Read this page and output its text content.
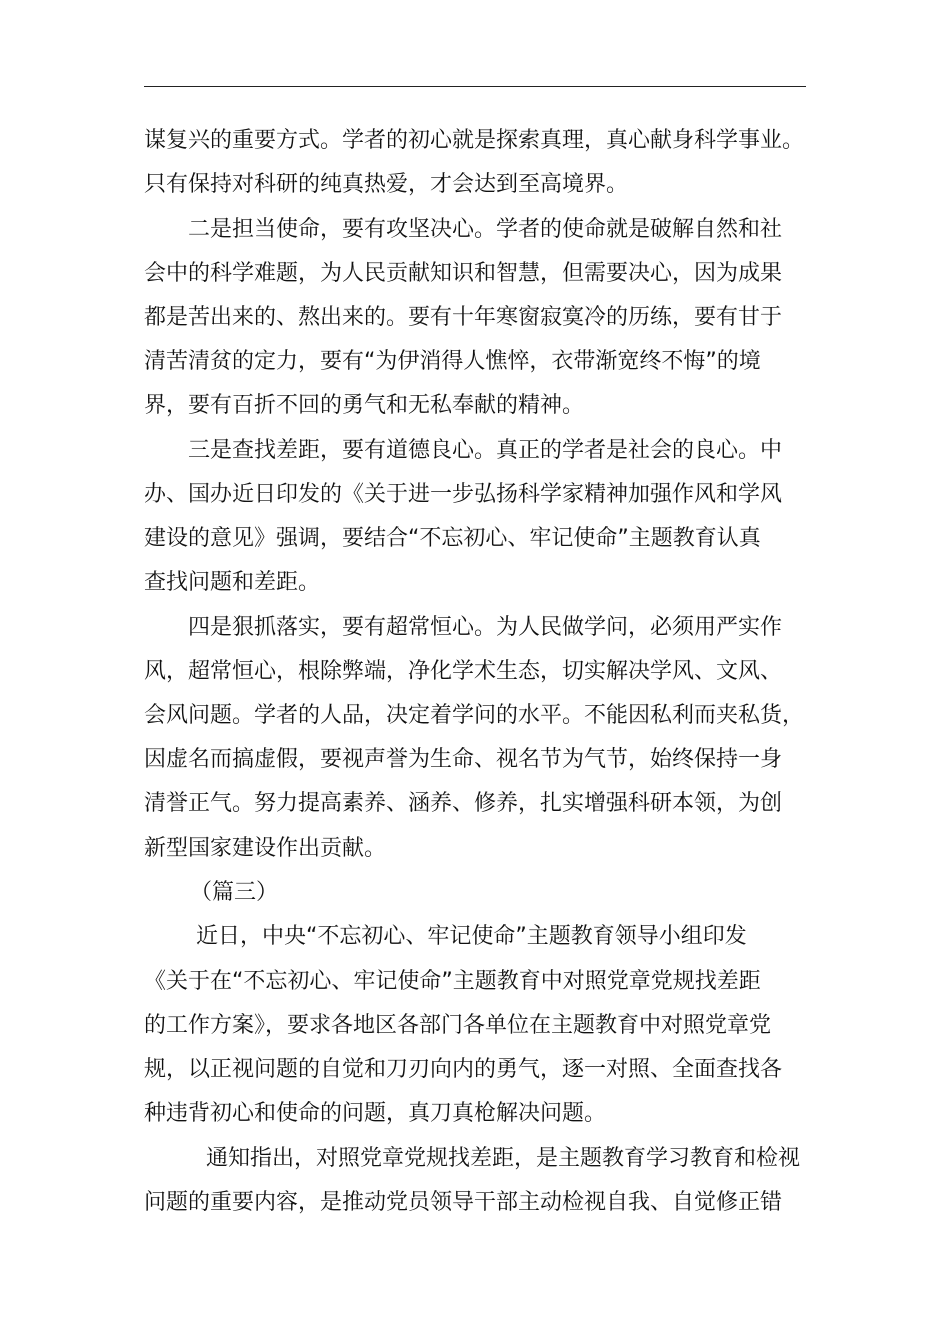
谋复兴的重要方式。学者的初心就是探索真理，真心献身科学事业。
只有保持对科研的纯真热爱，才会达到至高境界。
二是担当使命，要有攻坚决心。学者的使命就是破解自然和社
会中的科学难题，为人民贡献知识和智慧，但需要决心，因为成果
都是苦出来的、熬出来的。要有十年寒窗寂寞冷的历练，要有甘于
清苦清贫的定力，要有“为伊消得人憔悴，衣带渐宽终不悔”的境
界，要有百折不回的勇气和无私奉献的精神。
三是查找差距，要有道德良心。真正的学者是社会的良心。中
办、国办近日印发的《关于进一步弘扬科学家精神加强作风和学风
建设的意见》强调，要结合“不忘初心、牢记使命”主题教育认真
查找问题和差距。
四是狠抓落实，要有超常恒心。为人民做学问，必须用严实作
风，超常恒心，根除弊端，净化学术生态，切实解决学风、文风、
会风问题。学者的人品，决定着学问的水平。不能因私利而夹私货，
因虚名而搞虚假，要视声誉为生命、视名节为气节，始终保持一身
清誉正气。努力提高素养、涵养、修养，扎实增强科研本领，为创
新型国家建设作出贡献。
（篇三）
近日，中央“不忘初心、牢记使命”主题教育领导小组印发
《关于在“不忘初心、牢记使命”主题教育中对照党章党规找差距
的工作方案》，要求各地区各部门各单位在主题教育中对照党章党
规，以正视问题的自觉和刀刃向内的勇气，逐一对照、全面查找各
种违背初心和使命的问题，真刀真枪解决问题。
通知指出，对照党章党规找差距，是主题教育学习教育和检视
问题的重要内容，是推动党员领导干部主动检视自我、自觉修正错
